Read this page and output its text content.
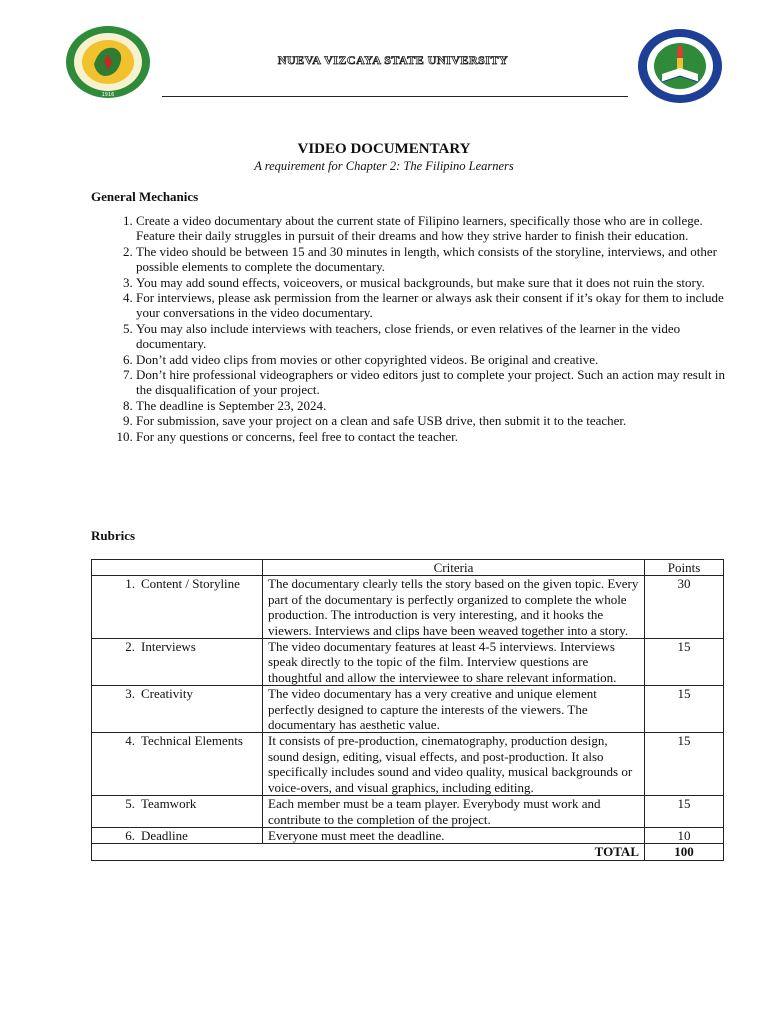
1916
NUEVA VIZCAYA STATE UNIVERSITY
VIDEO DOCUMENTARY
A requirement for Chapter 2: The Filipino Learners
General Mechanics
1. Create a video documentary about the current state of Filipino learners, specifically those who are in college. Feature their daily struggles in pursuit of their dreams and how they strive harder to finish their education.
2. The video should be between 15 and 30 minutes in length, which consists of the storyline, interviews, and other possible elements to complete the documentary.
3. You may add sound effects, voiceovers, or musical backgrounds, but make sure that it does not ruin the story.
4. For interviews, please ask permission from the learner or always ask their consent if it’s okay for them to include your conversations in the video documentary.
5. You may also include interviews with teachers, close friends, or even relatives of the learner in the video documentary.
6. Don’t add video clips from movies or other copyrighted videos. Be original and creative.
7. Don’t hire professional videographers or video editors just to complete your project. Such an action may result in the disqualification of your project.
8. The deadline is September 23, 2024.
9. For submission, save your project on a clean and safe USB drive, then submit it to the teacher.
10. For any questions or concerns, feel free to contact the teacher.
Rubrics
	Criteria	Points
1. Content / Storyline	The documentary clearly tells the story based on the given topic. Every part of the documentary is perfectly organized to complete the whole production. The introduction is very interesting, and it hooks the viewers. Interviews and clips have been weaved together into a story.	30
2. Interviews	The video documentary features at least 4-5 interviews. Interviews speak directly to the topic of the film. Interview questions are thoughtful and allow the interviewee to share relevant information.	15
3. Creativity	The video documentary has a very creative and unique element perfectly designed to capture the interests of the viewers. The documentary has aesthetic value.	15
4. Technical Elements	It consists of pre-production, cinematography, production design, sound design, editing, visual effects, and post-production. It also specifically includes sound and video quality, musical backgrounds or voice-overs, and visual graphics, including editing.	15
5. Teamwork	Each member must be a team player. Everybody must work and contribute to the completion of the project.	15
6. Deadline	Everyone must meet the deadline.	10
	TOTAL	100
